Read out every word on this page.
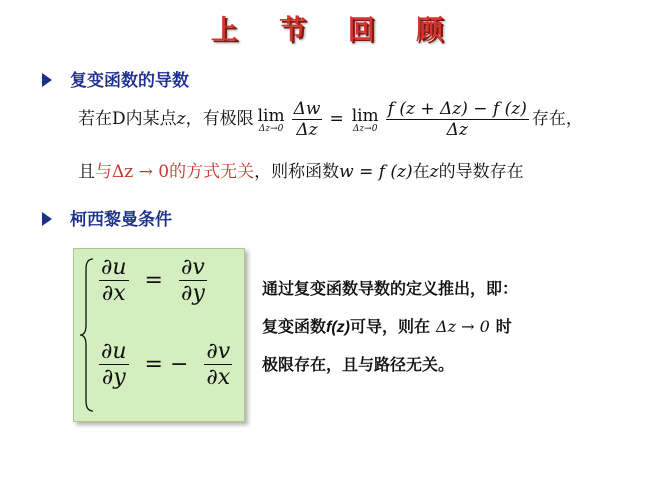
上 节 回 顾
复变函数的导数
若在D内某点z，有极限 lim
$\Delta z\to 0 \frac{\Delta w}{\Delta z} = \lim$
$\Delta z\to 0 \frac{f (z + \Delta z) - f (z)}{\Delta z}$ 存在，
且与Δz → 0的方式无关，则称函数w = f (z)在z的导数存在
柯西黎曼条件
$\frac{\partial u}{\partial x} = \frac{\partial v}{\partial y}$
$\frac{\partial u}{\partial y}$ = − $\frac{\partial v}{\partial x}$
通过复变函数导数的定义推出，即：
复变函数f(z)可导，则在 Δz → 0 时
极限存在，且与路径无关。
